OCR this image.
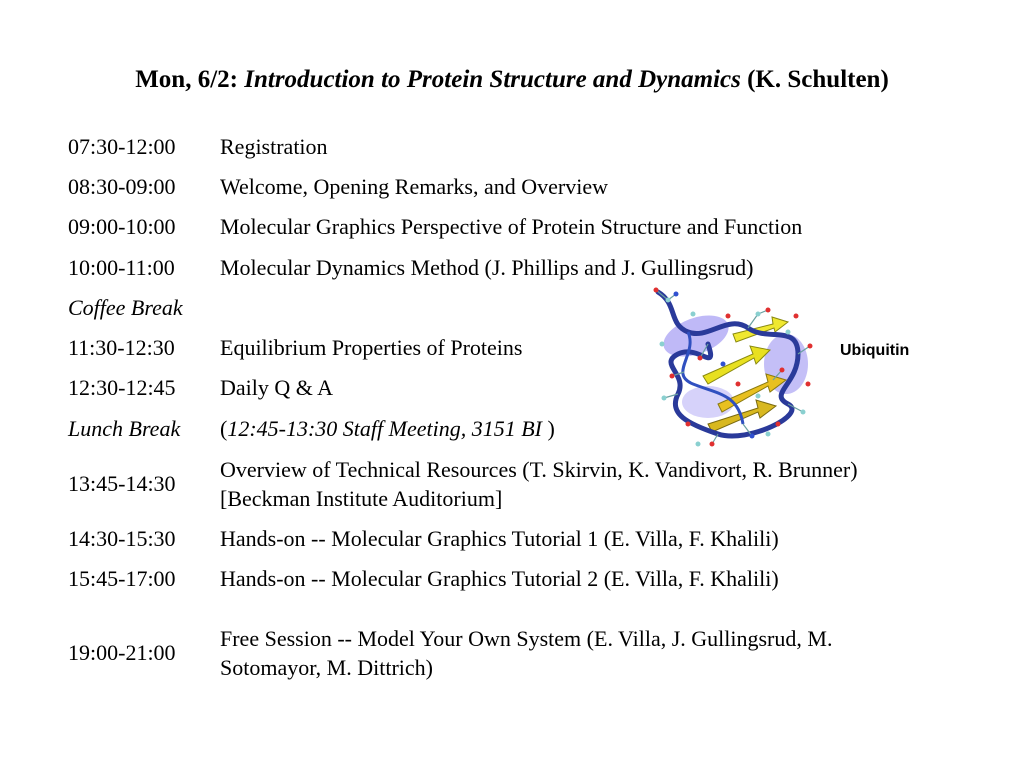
Mon, 6/2: Introduction to Protein Structure and Dynamics (K. Schulten)
07:30-12:00 Registration
08:30-09:00 Welcome, Opening Remarks, and Overview
09:00-10:00 Molecular Graphics Perspective of Protein Structure and Function
10:00-11:00 Molecular Dynamics Method (J. Phillips and J. Gullingsrud)
Coffee Break
11:30-12:30 Equilibrium Properties of Proteins
12:30-12:45 Daily Q & A
Lunch Break (12:45-13:30 Staff Meeting, 3151 BI )
13:45-14:30
Overview of Technical Resources (T. Skirvin, K. Vandivort, R. Brunner)
[Beckman Institute Auditorium]
14:30-15:30 Hands-on -- Molecular Graphics Tutorial 1 (E. Villa, F. Khalili)
15:45-17:00 Hands-on -- Molecular Graphics Tutorial 2 (E. Villa, F. Khalili)
19:00-21:00
Free Session -- Model Your Own System (E. Villa, J. Gullingsrud, M.
Sotomayor, M. Dittrich)
Ubiquitin
